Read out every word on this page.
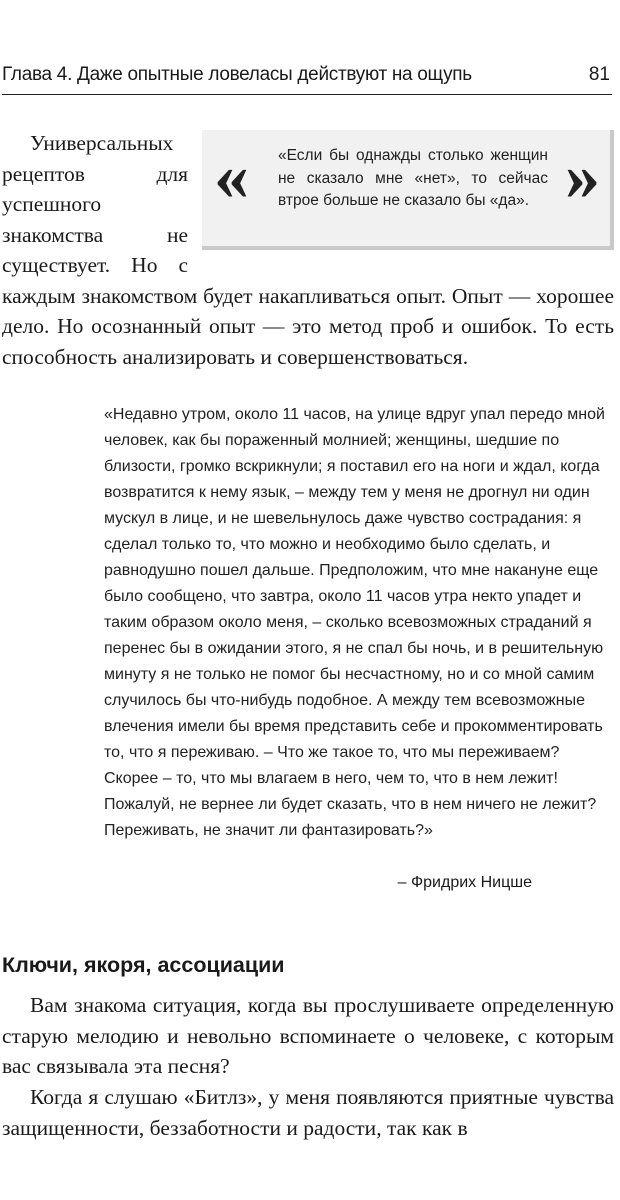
Глава 4. Даже опытные ловеласы действуют на ощупь	81

« «Если бы однажды столько женщин не сказало мне «нет», то сейчас втрое больше не сказало бы «да». »
Универсальных рецептов для успешного знакомства не существует. Но с каждым знакомством будет накапливаться опыт. Опыт — хорошее дело. Но осознанный опыт — это метод проб и ошибок. То есть способность анализировать и совершенствоваться.

«Недавно утром, около 11 часов, на улице вдруг упал передо мной человек, как бы пораженный молнией; женщины, шедшие по близости, громко вскрикнули; я поставил его на ноги и ждал, когда возвратится к нему язык, – между тем у меня не дрогнул ни один мускул в лице, и не шевельнулось даже чувство сострадания: я сделал только то, что можно и необходимо было сделать, и равнодушно пошел дальше. Предположим, что мне накануне еще было сообщено, что завтра, около 11 часов утра некто упадет и таким образом около меня, – сколько всевозможных страданий я перенес бы в ожидании этого, я не спал бы ночь, и в решительную минуту я не только не помог бы несчастному, но и со мной самим случилось бы что-нибудь подобное. А между тем всевозможные влечения имели бы время представить себе и прокомментировать то, что я переживаю. – Что же такое то, что мы переживаем? Скорее – то, что мы влагаем в него, чем то, что в нем лежит! Пожалуй, не вернее ли будет сказать, что в нем ничего не лежит? Переживать, не значит ли фантазировать?»

– Фридрих Ницше
Ключи, якоря, ассоциации

Вам знакома ситуация, когда вы прослушиваете определенную старую мелодию и невольно вспоминаете о человеке, с которым вас связывала эта песня?

Когда я слушаю «Битлз», у меня появляются приятные чувства защищенности, беззаботности и радости, так как в
